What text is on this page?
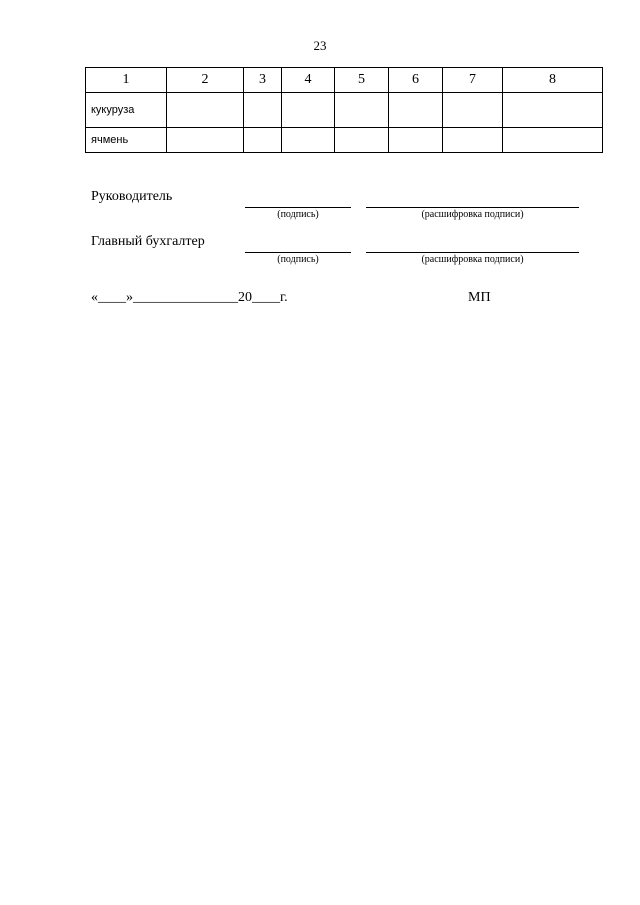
23
1	2	3	4	5	6	7	8
кукуруза							
ячмень							
Руководитель
(подпись)	(расшифровка подписи)
Главный бухгалтер
(подпись)	(расшифровка подписи)
«____»_______________20____г.	МП
